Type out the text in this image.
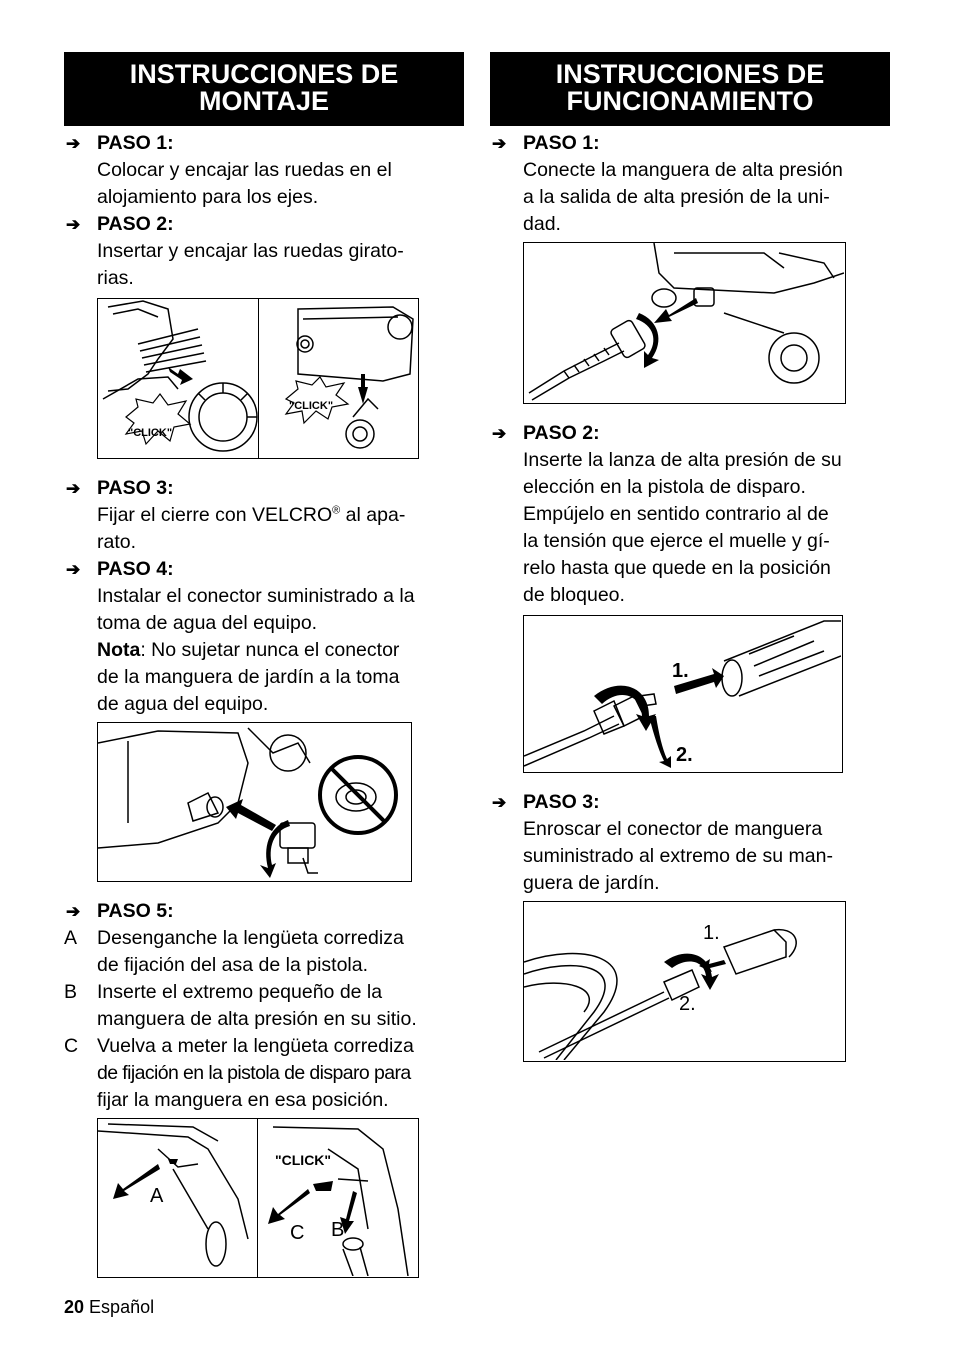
INSTRUCCIONES DE
MONTAJE
➔ PASO 1:
Colocar y encajar las ruedas en el
alojamiento para los ejes.
➔ PASO 2:
Insertar y encajar las ruedas girato-
rias.
"CLICK"
"CLICK"
➔ PASO 3:
Fijar el cierre con VELCRO® al apa-
rato.
➔ PASO 4:
Instalar el conector suministrado a la
toma de agua del equipo.
Nota: No sujetar nunca el conector
de la manguera de jardín a la toma
de agua del equipo.
➔ PASO 5:
A Desenganche la lengüeta corrediza
de fijación del asa de la pistola.
B Inserte el extremo pequeño de la
manguera de alta presión en su sitio.
C Vuelva a meter la lengüeta corrediza
de fijación en la pistola de disparo para
fijar la manguera en esa posición.
A
B
C
"CLICK"
INSTRUCCIONES DE
FUNCIONAMIENTO
➔ PASO 1:
Conecte la manguera de alta presión
a la salida de alta presión de la uni-
dad.
➔ PASO 2:
Inserte la lanza de alta presión de su
elección en la pistola de disparo.
Empújelo en sentido contrario al de
la tensión que ejerce el muelle y gí-
relo hasta que quede en la posición
de bloqueo.
1.
2.
➔ PASO 3:
Enroscar el conector de manguera
suministrado al extremo de su man-
guera de jardín.
1.
2.
20 Español
